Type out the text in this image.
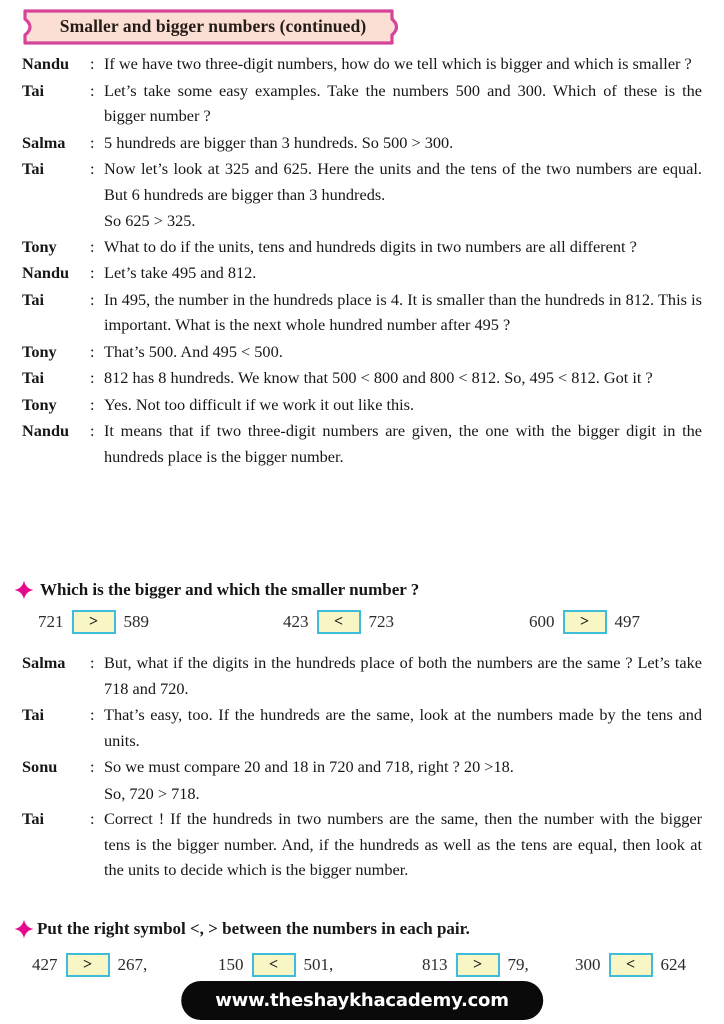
Smaller and bigger numbers (continued)
Nandu	: If we have two three-digit numbers, how do we tell which is bigger and which is smaller ?
Tai	: Let’s take some easy examples. Take the numbers 500 and 300. Which of these is the bigger number ?
Salma	: 5 hundreds are bigger than 3 hundreds. So 500 > 300.
Tai	: Now let’s look at 325 and 625. Here the units and the tens of the two numbers are equal. But 6 hundreds are bigger than 3 hundreds.
So 625 > 325.
Tony	: What to do if the units, tens and hundreds digits in two numbers are all different ?
Nandu	: Let’s take 495 and 812.
Tai	: In 495, the number in the hundreds place is 4. It is smaller than the hundreds in 812. This is important. What is the next whole hundred number after 495 ?
Tony	: That’s 500. And 495 < 500.
Tai	: 812 has 8 hundreds. We know that 500 < 800 and 800 < 812. So, 495 < 812. Got it ?
Tony	: Yes. Not too difficult if we work it out like this.
Nandu	: It means that if two three-digit numbers are given, the one with the bigger digit in the hundreds place is the bigger number.
Which is the bigger and which the smaller number ?
721	>	589	423	<	723	600	>	497
Salma	: But, what if the digits in the hundreds place of both the numbers are the same ? Let’s take 718 and 720.
Tai	: That’s easy, too. If the hundreds are the same, look at the numbers made by the tens and units.
Sonu	: So we must compare 20 and 18 in 720 and 718, right ? 20 >18.
So, 720 > 718.
Tai	: Correct ! If the hundreds in two numbers are the same, then the number with the bigger tens is the bigger number. And, if the hundreds as well as the tens are equal, then look at the units to decide which is the bigger number.
Put the right symbol <, > between the numbers in each pair.
427	>	267,	150	<	501,	813	>	79,	300	<	624
www.theshaykhacademy.com
